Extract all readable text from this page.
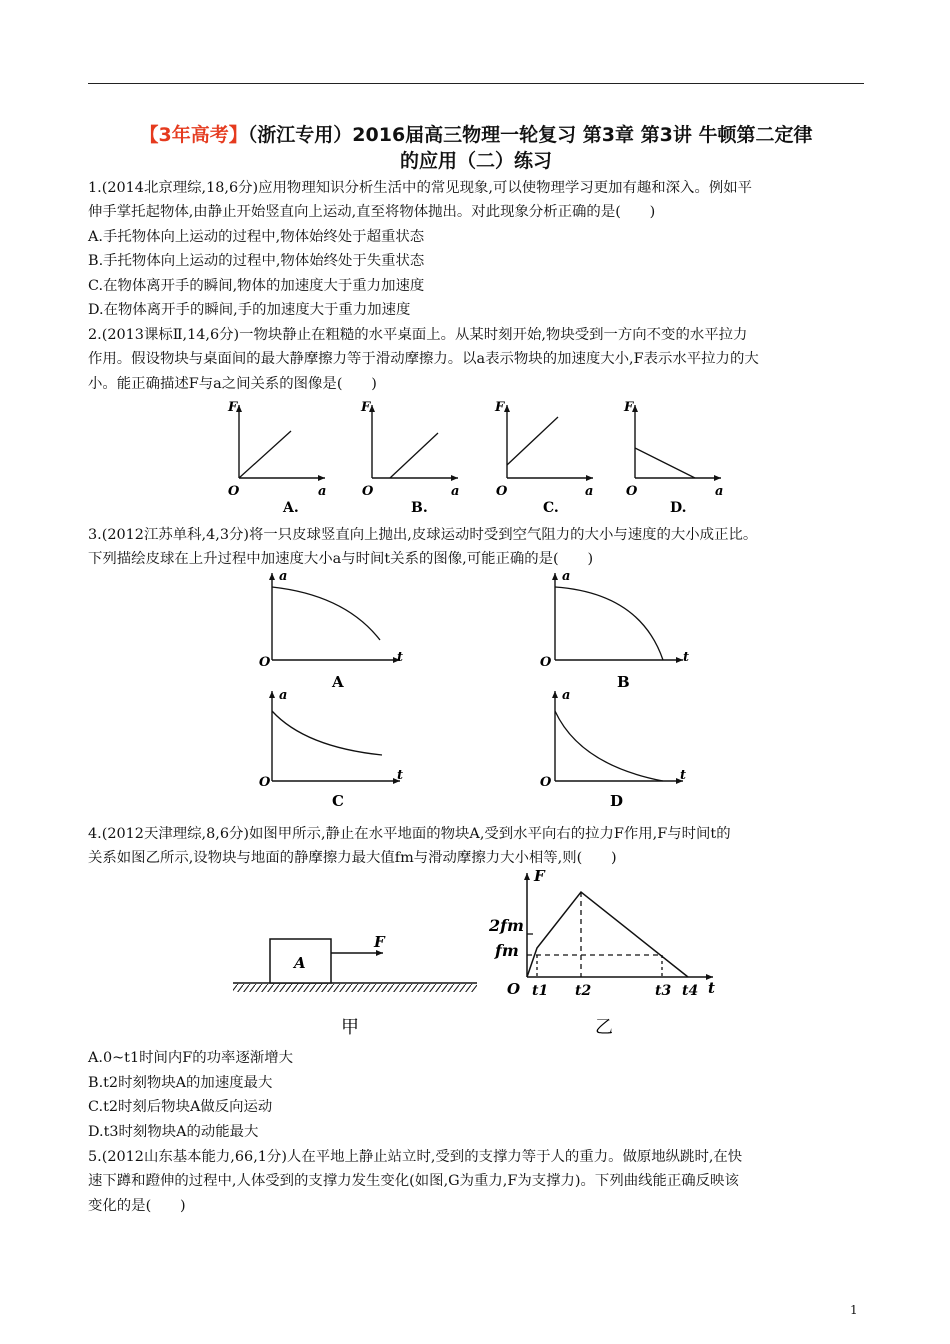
【3年高考】（浙江专用）2016届高三物理一轮复习 第3章 第3讲 牛顿第二定律
的应用（二）练习
1.(2014北京理综,18,6分)应用物理知识分析生活中的常见现象,可以使物理学习更加有趣和深入。例如平
伸手掌托起物体,由静止开始竖直向上运动,直至将物体抛出。对此现象分析正确的是(　　)
A.手托物体向上运动的过程中,物体始终处于超重状态
B.手托物体向上运动的过程中,物体始终处于失重状态
C.在物体离开手的瞬间,物体的加速度大于重力加速度
D.在物体离开手的瞬间,手的加速度大于重力加速度
2.(2013课标Ⅱ,14,6分)一物块静止在粗糙的水平桌面上。从某时刻开始,物块受到一方向不变的水平拉力
作用。假设物块与桌面间的最大静摩擦力等于滑动摩擦力。以a表示物块的加速度大小,F表示水平拉力的大
小。能正确描述F与a之间关系的图像是(　　)
F
a
O
A.
F
a
O
B.
F
a
O
C.
F
a
O
D.
3.(2012江苏单科,4,3分)将一只皮球竖直向上抛出,皮球运动时受到空气阻力的大小与速度的大小成正比。
下列描绘皮球在上升过程中加速度大小a与时间t关系的图像,可能正确的是(　　)
a
t
O
A
a
t
O
B
a
t
O
C
a
t
O
D
4.(2012天津理综,8,6分)如图甲所示,静止在水平地面的物块A,受到水平向右的拉力F作用,F与时间t的
关系如图乙所示,设物块与地面的静摩擦力最大值fm与滑动摩擦力大小相等,则(　　)
A
F
甲
F
t
O
2fm
fm
t1 t2	t3 t4
乙
A.0~t1时间内F的功率逐渐增大
B.t2时刻物块A的加速度最大
C.t2时刻后物块A做反向运动
D.t3时刻物块A的动能最大
5.(2012山东基本能力,66,1分)人在平地上静止站立时,受到的支撑力等于人的重力。做原地纵跳时,在快
速下蹲和蹬伸的过程中,人体受到的支撑力发生变化(如图,G为重力,F为支撑力)。下列曲线能正确反映该
变化的是(　　)
1
